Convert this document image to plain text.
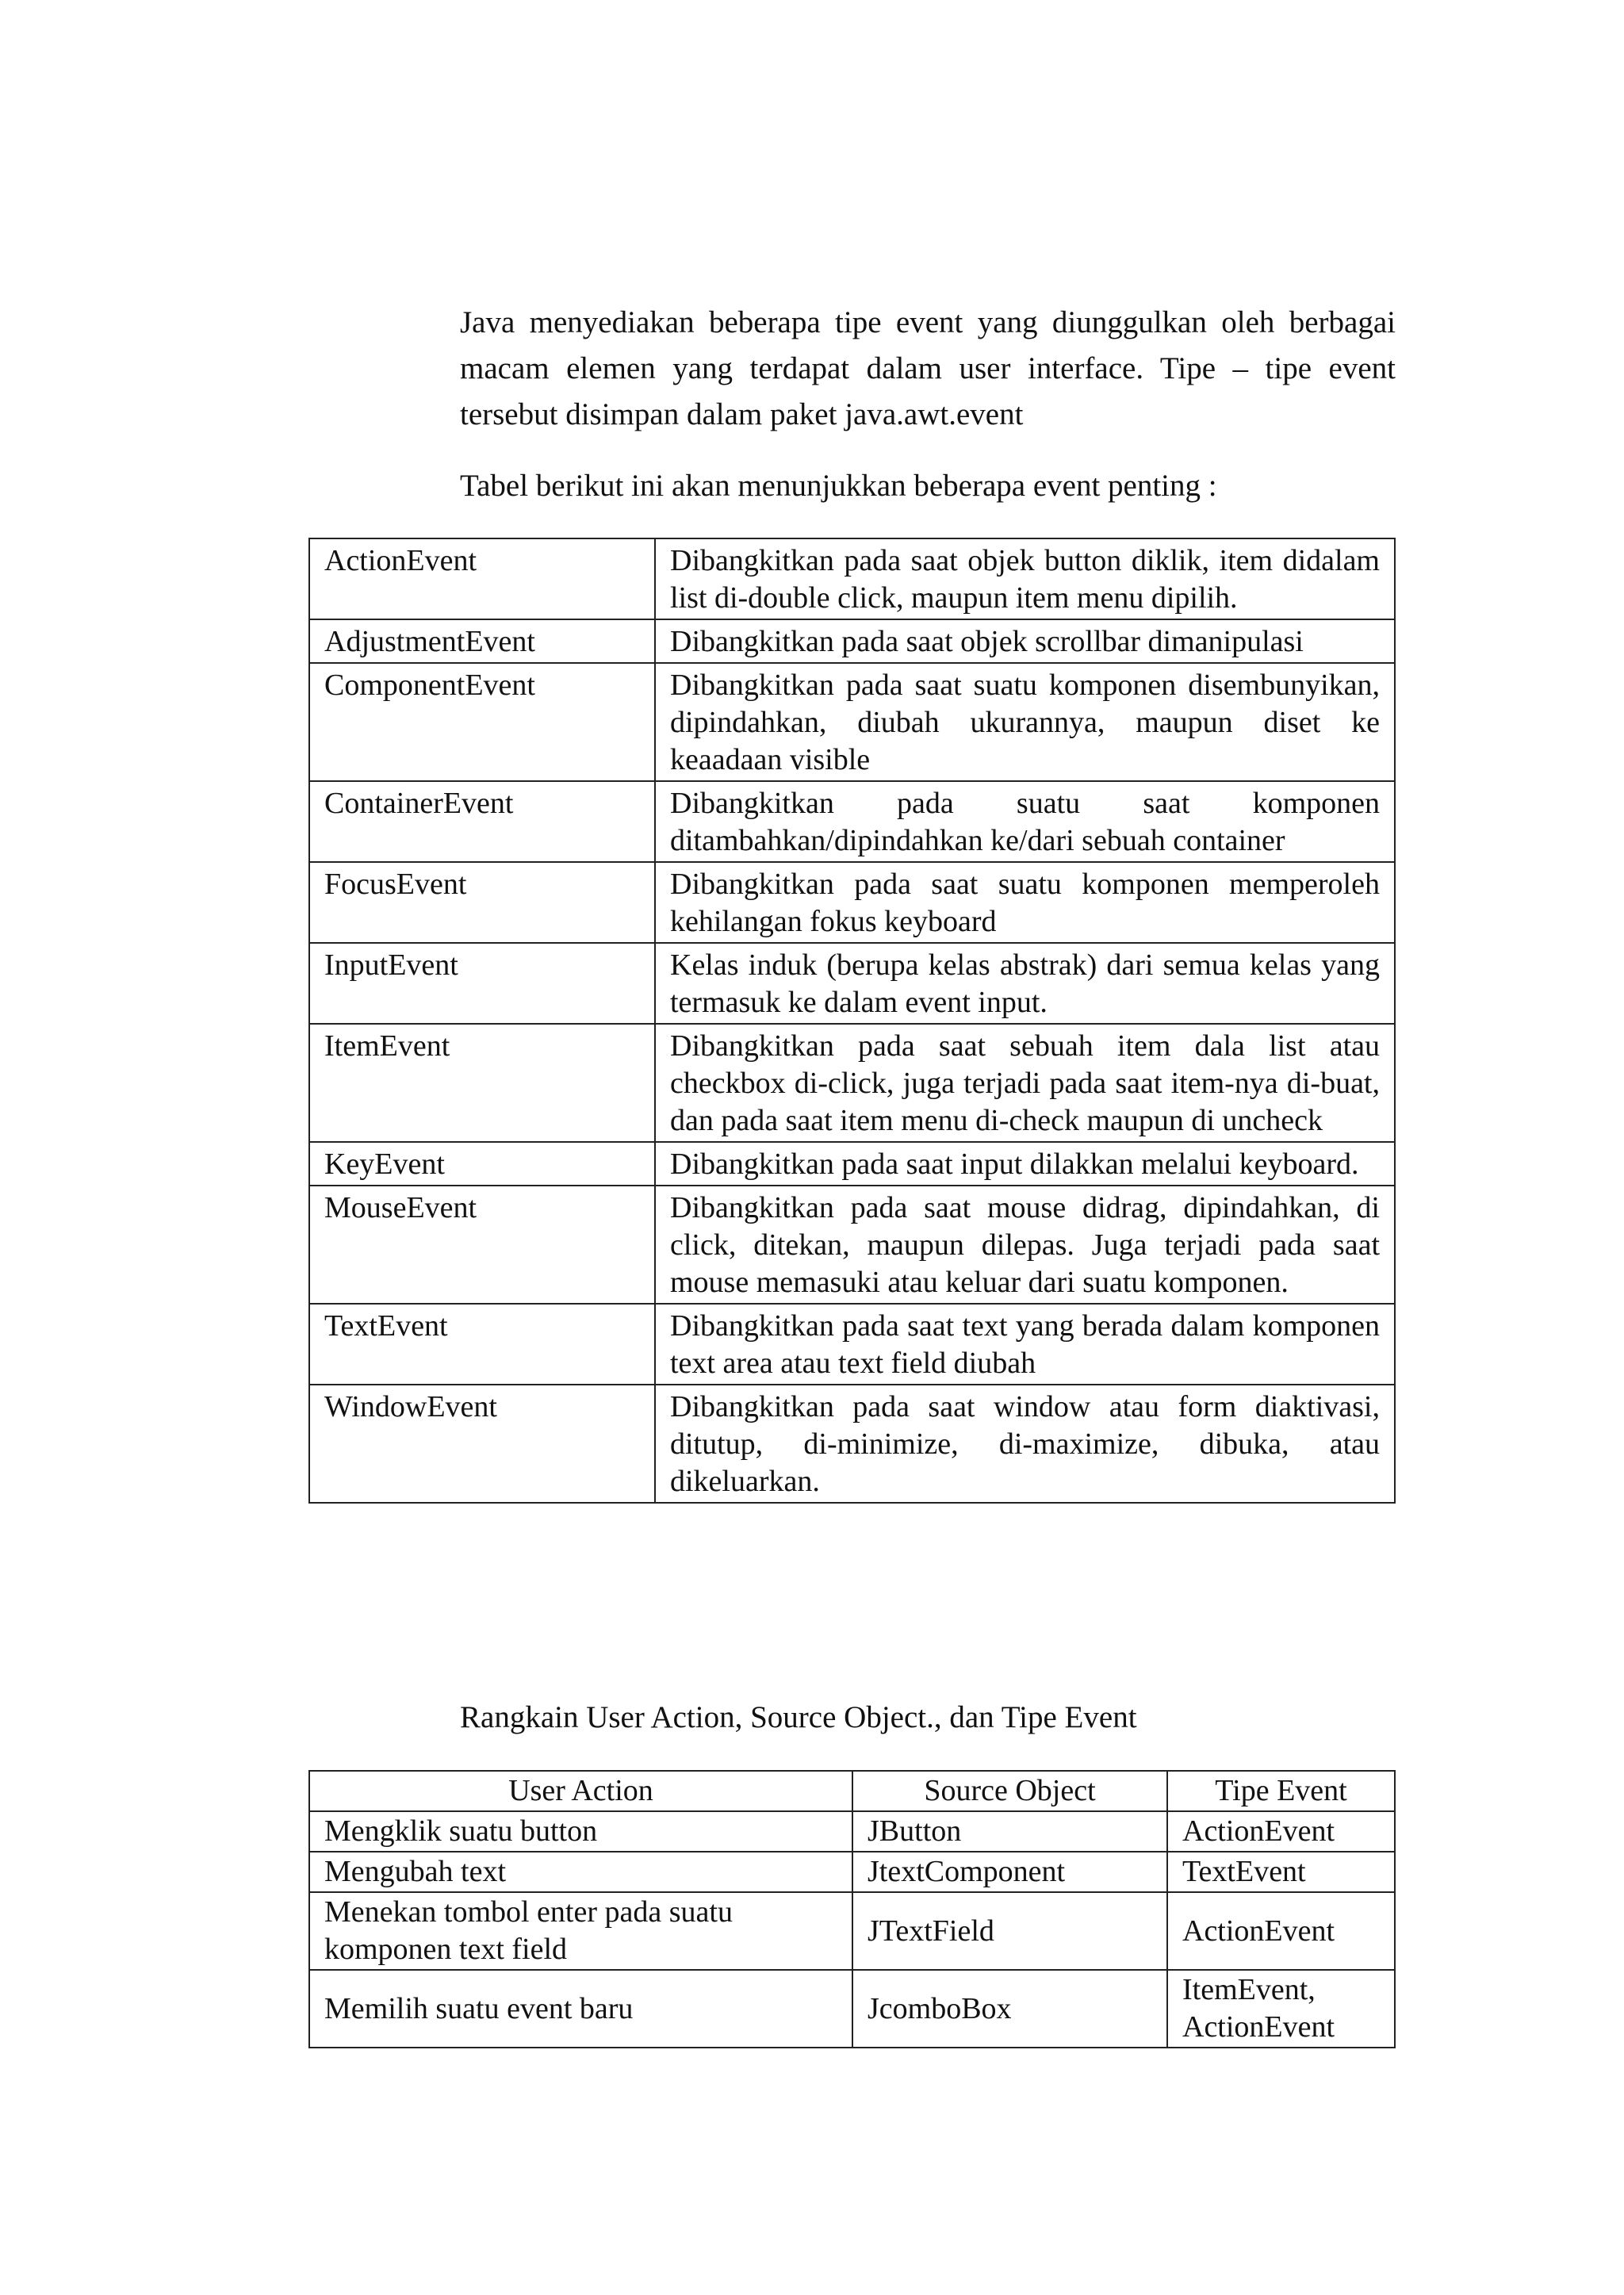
Java menyediakan beberapa tipe event yang diunggulkan oleh berbagai macam elemen yang terdapat dalam user interface. Tipe – tipe event tersebut disimpan dalam paket java.awt.event

Tabel berikut ini akan menunjukkan beberapa event penting :

ActionEvent	Dibangkitkan pada saat objek button diklik, item didalam list di-double click, maupun item menu dipilih.
AdjustmentEvent	Dibangkitkan pada saat objek scrollbar dimanipulasi
ComponentEvent	Dibangkitkan pada saat suatu komponen disembunyikan, dipindahkan, diubah ukurannya, maupun diset ke keaadaan visible
ContainerEvent	Dibangkitkan pada suatu saat komponen ditambahkan/dipindahkan ke/dari sebuah container
FocusEvent	Dibangkitkan pada saat suatu komponen memperoleh kehilangan fokus keyboard
InputEvent	Kelas induk (berupa kelas abstrak) dari semua kelas yang termasuk ke dalam event input.
ItemEvent	Dibangkitkan pada saat sebuah item dala list atau checkbox di-click, juga terjadi pada saat item-nya di-buat, dan pada saat item menu di-check maupun di uncheck
KeyEvent	Dibangkitkan pada saat input dilakkan melalui keyboard.
MouseEvent	Dibangkitkan pada saat mouse didrag, dipindahkan, di click, ditekan, maupun dilepas. Juga terjadi pada saat mouse memasuki atau keluar dari suatu komponen.
TextEvent	Dibangkitkan pada saat text yang berada dalam komponen text area atau text field diubah
WindowEvent	Dibangkitkan pada saat window atau form diaktivasi, ditutup, di-minimize, di-maximize, dibuka, atau dikeluarkan.

Rangkain User Action, Source Object., dan Tipe Event

User Action	Source Object	Tipe Event
Mengklik suatu button	JButton	ActionEvent
Mengubah text	JtextComponent	TextEvent
Menekan tombol enter pada suatu komponen text field	JTextField	ActionEvent
Memilih suatu event baru	JcomboBox	ItemEvent, ActionEvent
